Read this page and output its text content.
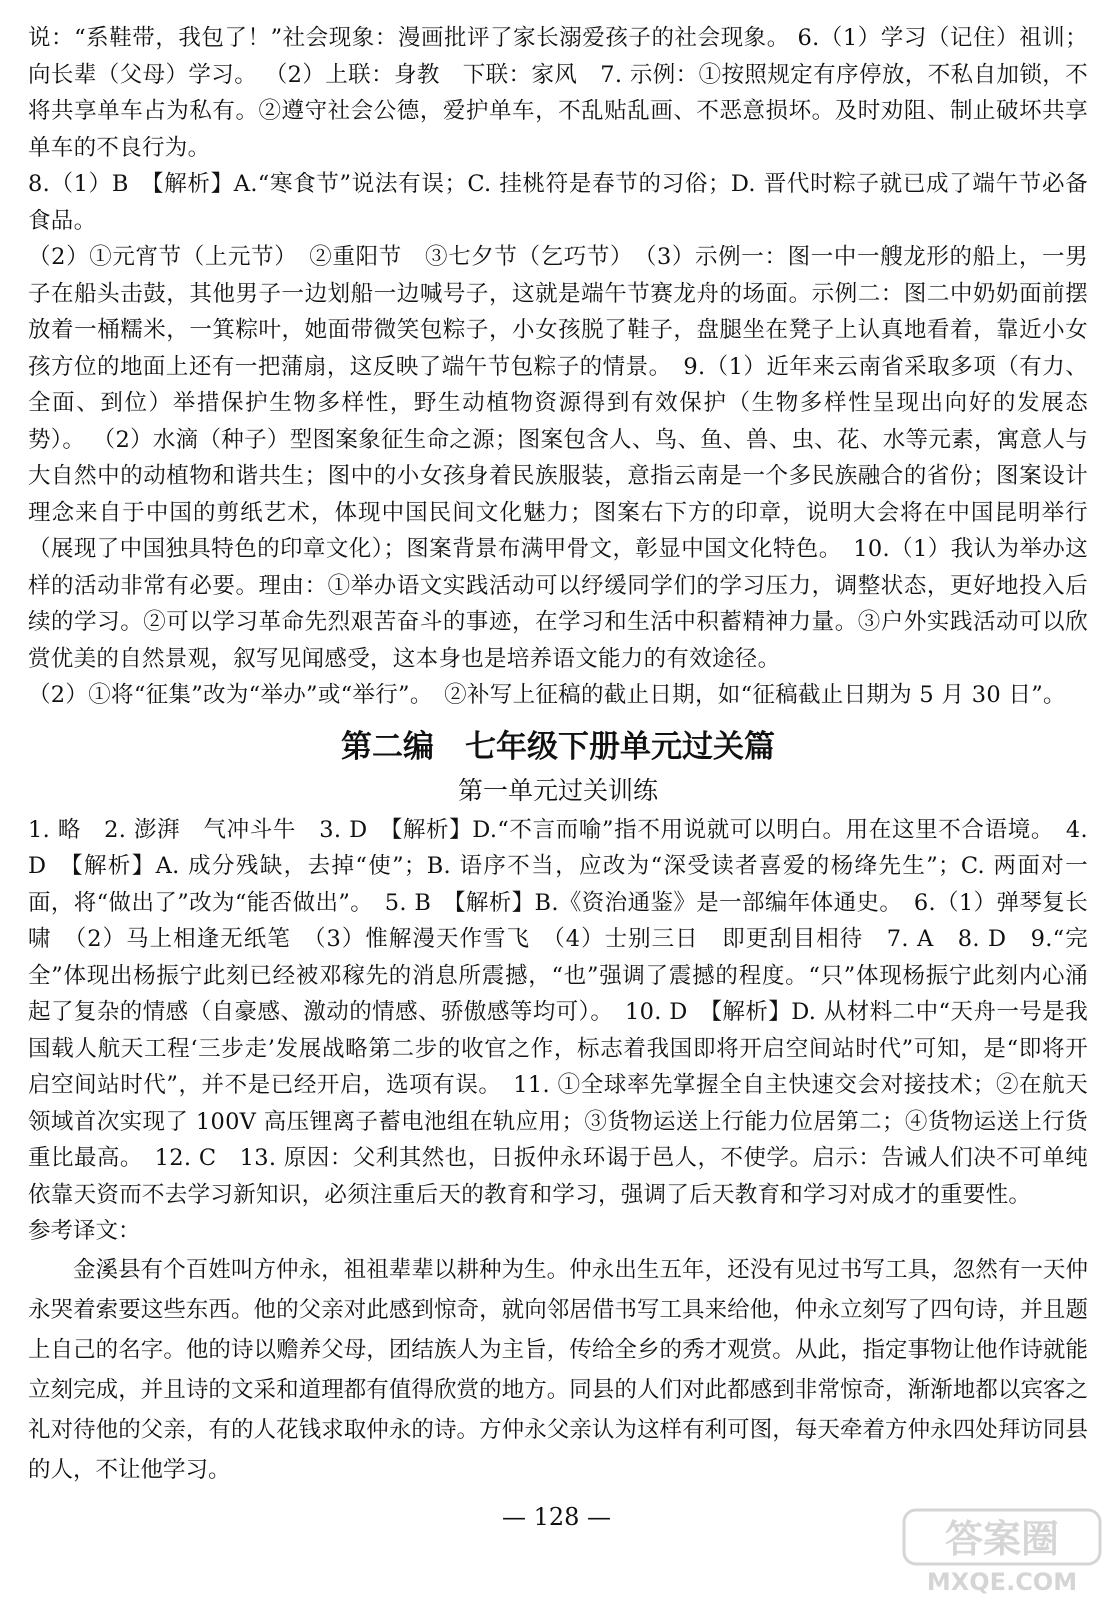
说：“系鞋带，我包了！”社会现象：漫画批评了家长溺爱孩子的社会现象。 6.（1）学习（记住）祖训；向长辈（父母）学习。 （2）上联：身教　下联：家风　7. 示例：①按照规定有序停放，不私自加锁，不将共享单车占为私有。②遵守社会公德，爱护单车，不乱贴乱画、不恶意损坏。及时劝阻、制止破坏共享单车的不良行为。
8.（1）B　【解析】A.“寒食节”说法有误；C. 挂桃符是春节的习俗；D. 晋代时粽子就已成了端午节必备食品。
（2）①元宵节（上元节）　②重阳节　③七夕节（乞巧节）　（3）示例一：图一中一艘龙形的船上，一男子在船头击鼓，其他男子一边划船一边喊号子，这就是端午节赛龙舟的场面。示例二：图二中奶奶面前摆放着一桶糯米，一箕粽叶，她面带微笑包粽子，小女孩脱了鞋子，盘腿坐在凳子上认真地看着，靠近小女孩方位的地面上还有一把蒲扇，这反映了端午节包粽子的情景。　9.（1）近年来云南省采取多项（有力、全面、到位）举措保护生物多样性，野生动植物资源得到有效保护（生物多样性呈现出向好的发展态势）。 （2）水滴（种子）型图案象征生命之源；图案包含人、鸟、鱼、兽、虫、花、水等元素，寓意人与大自然中的动植物和谐共生；图中的小女孩身着民族服装，意指云南是一个多民族融合的省份；图案设计理念来自于中国的剪纸艺术，体现中国民间文化魅力；图案右下方的印章，说明大会将在中国昆明举行（展现了中国独具特色的印章文化）；图案背景布满甲骨文，彰显中国文化特色。　10.（1）我认为举办这样的活动非常有必要。理由：①举办语文实践活动可以纾缓同学们的学习压力，调整状态，更好地投入后续的学习。②可以学习革命先烈艰苦奋斗的事迹，在学习和生活中积蓄精神力量。③户外实践活动可以欣赏优美的自然景观，叙写见闻感受，这本身也是培养语文能力的有效途径。
（2）①将“征集”改为“举办”或“举行”。　②补写上征稿的截止日期，如“征稿截止日期为 5 月 30 日”。
第二编　七年级下册单元过关篇
第一单元过关训练
1. 略　2. 澎湃　气冲斗牛　3. D　【解析】D.“不言而喻”指不用说就可以明白。用在这里不合语境。　4. D　【解析】A. 成分残缺，去掉“使”；B. 语序不当，应改为“深受读者喜爱的杨绛先生”；C. 两面对一面，将“做出了”改为“能否做出”。　5. B　【解析】B.《资治通鉴》是一部编年体通史。　6.（1）弹琴复长啸　（2）马上相逢无纸笔　（3）惟解漫天作雪飞　（4）士别三日　即更刮目相待　7. A　8. D　9.“完全”体现出杨振宁此刻已经被邓稼先的消息所震撼，“也”强调了震撼的程度。“只”体现杨振宁此刻内心涌起了复杂的情感（自豪感、激动的情感、骄傲感等均可）。　10. D　【解析】D. 从材料二中“天舟一号是我国载人航天工程‘三步走’发展战略第二步的收官之作，标志着我国即将开启空间站时代”可知，是“即将开启空间站时代”，并不是已经开启，选项有误。　11. ①全球率先掌握全自主快速交会对接技术；②在航天领域首次实现了 100V 高压锂离子蓄电池组在轨应用；③货物运送上行能力位居第二；④货物运送上行货重比最高。　12. C　13. 原因：父利其然也，日扳仲永环谒于邑人，不使学。启示：告诫人们决不可单纯依靠天资而不去学习新知识，必须注重后天的教育和学习，强调了后天教育和学习对成才的重要性。
参考译文：
金溪县有个百姓叫方仲永，祖祖辈辈以耕种为生。仲永出生五年，还没有见过书写工具，忽然有一天仲永哭着索要这些东西。他的父亲对此感到惊奇，就向邻居借书写工具来给他，仲永立刻写了四句诗，并且题上自己的名字。他的诗以赡养父母，团结族人为主旨，传给全乡的秀才观赏。从此，指定事物让他作诗就能立刻完成，并且诗的文采和道理都有值得欣赏的地方。同县的人们对此都感到非常惊奇，渐渐地都以宾客之礼对待他的父亲，有的人花钱求取仲永的诗。方仲永父亲认为这样有利可图，每天牵着方仲永四处拜访同县的人，不让他学习。
— 128 —	答案圈
MXQE.COM
